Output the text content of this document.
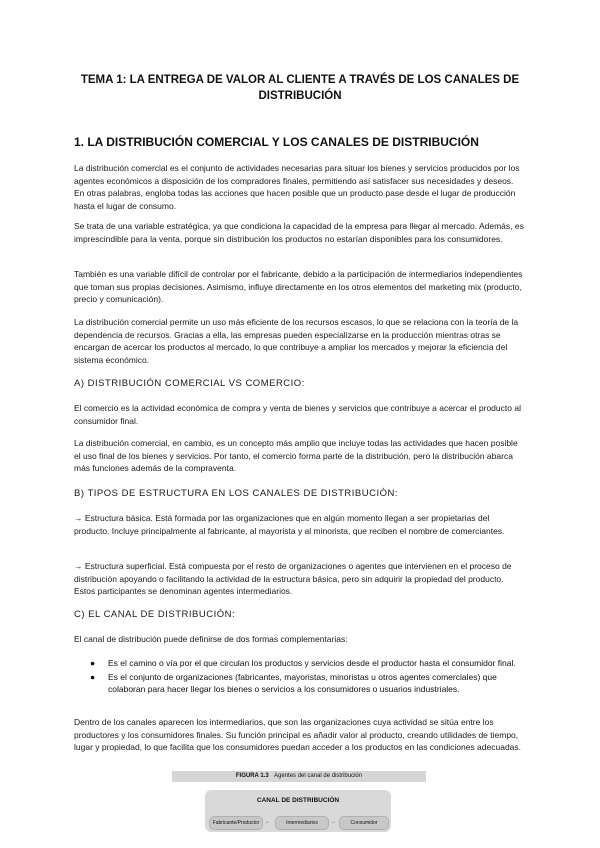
TEMA 1: LA ENTREGA DE VALOR AL CLIENTE A TRAVÉS DE LOS CANALES DE DISTRIBUCIÓN
1. LA DISTRIBUCIÓN COMERCIAL Y LOS CANALES DE DISTRIBUCIÓN

La distribución comercial es el conjunto de actividades necesarias para situar los bienes y servicios producidos por los agentes económicos a disposición de los compradores finales, permitiendo así satisfacer sus necesidades y deseos. En otras palabras, engloba todas las acciones que hacen posible que un producto pase desde el lugar de producción hasta el lugar de consumo.

Se trata de una variable estratégica, ya que condiciona la capacidad de la empresa para llegar al mercado. Además, es imprescindible para la venta, porque sin distribución los productos no estarían disponibles para los consumidores.

También es una variable difícil de controlar por el fabricante, debido a la participación de intermediarios independientes que toman sus propias decisiones. Asimismo, influye directamente en los otros elementos del marketing mix (producto, precio y comunicación).

La distribución comercial permite un uso más eficiente de los recursos escasos, lo que se relaciona con la teoría de la dependencia de recursos. Gracias a ella, las empresas pueden especializarse en la producción mientras otras se encargan de acercar los productos al mercado, lo que contribuye a ampliar los mercados y mejorar la eficiencia del sistema económico.

A) DISTRIBUCIÓN COMERCIAL VS COMERCIO:

El comercio es la actividad económica de compra y venta de bienes y servicios que contribuye a acercar el producto al consumidor final.

La distribución comercial, en cambio, es un concepto más amplio que incluye todas las actividades que hacen posible el uso final de los bienes y servicios. Por tanto, el comercio forma parte de la distribución, pero la distribución abarca más funciones además de la compraventa.

B) TIPOS DE ESTRUCTURA EN LOS CANALES DE DISTRIBUCIÓN:

→ Estructura básica. Está formada por las organizaciones que en algún momento llegan a ser propietarias del producto. Incluye principalmente al fabricante, al mayorista y al minorista, que reciben el nombre de comerciantes.

→ Estructura superficial. Está compuesta por el resto de organizaciones o agentes que intervienen en el proceso de distribución apoyando o facilitando la actividad de la estructura básica, pero sin adquirir la propiedad del producto. Estos participantes se denominan agentes intermediarios.

C) EL CANAL DE DISTRIBUCIÓN:

El canal de distribución puede definirse de dos formas complementarias:

● Es el camino o vía por el que circulan los productos y servicios desde el productor hasta el consumidor final.
● Es el conjunto de organizaciones (fabricantes, mayoristas, minoristas u otros agentes comerciales) que colaboran para hacer llegar los bienes o servicios a los consumidores o usuarios industriales.

Dentro de los canales aparecen los intermediarios, que son las organizaciones cuya actividad se sitúa entre los productores y los consumidores finales. Su función principal es añadir valor al producto, creando utilidades de tiempo, lugar y propiedad, lo que facilita que los consumidores puedan acceder a los productos en las condiciones adecuadas.

FIGURA 1.3 Agentes del canal de distribución
CANAL DE DISTRIBUCIÓN
Fabricante/Productor →	Intermediarios	→	Consumidor
